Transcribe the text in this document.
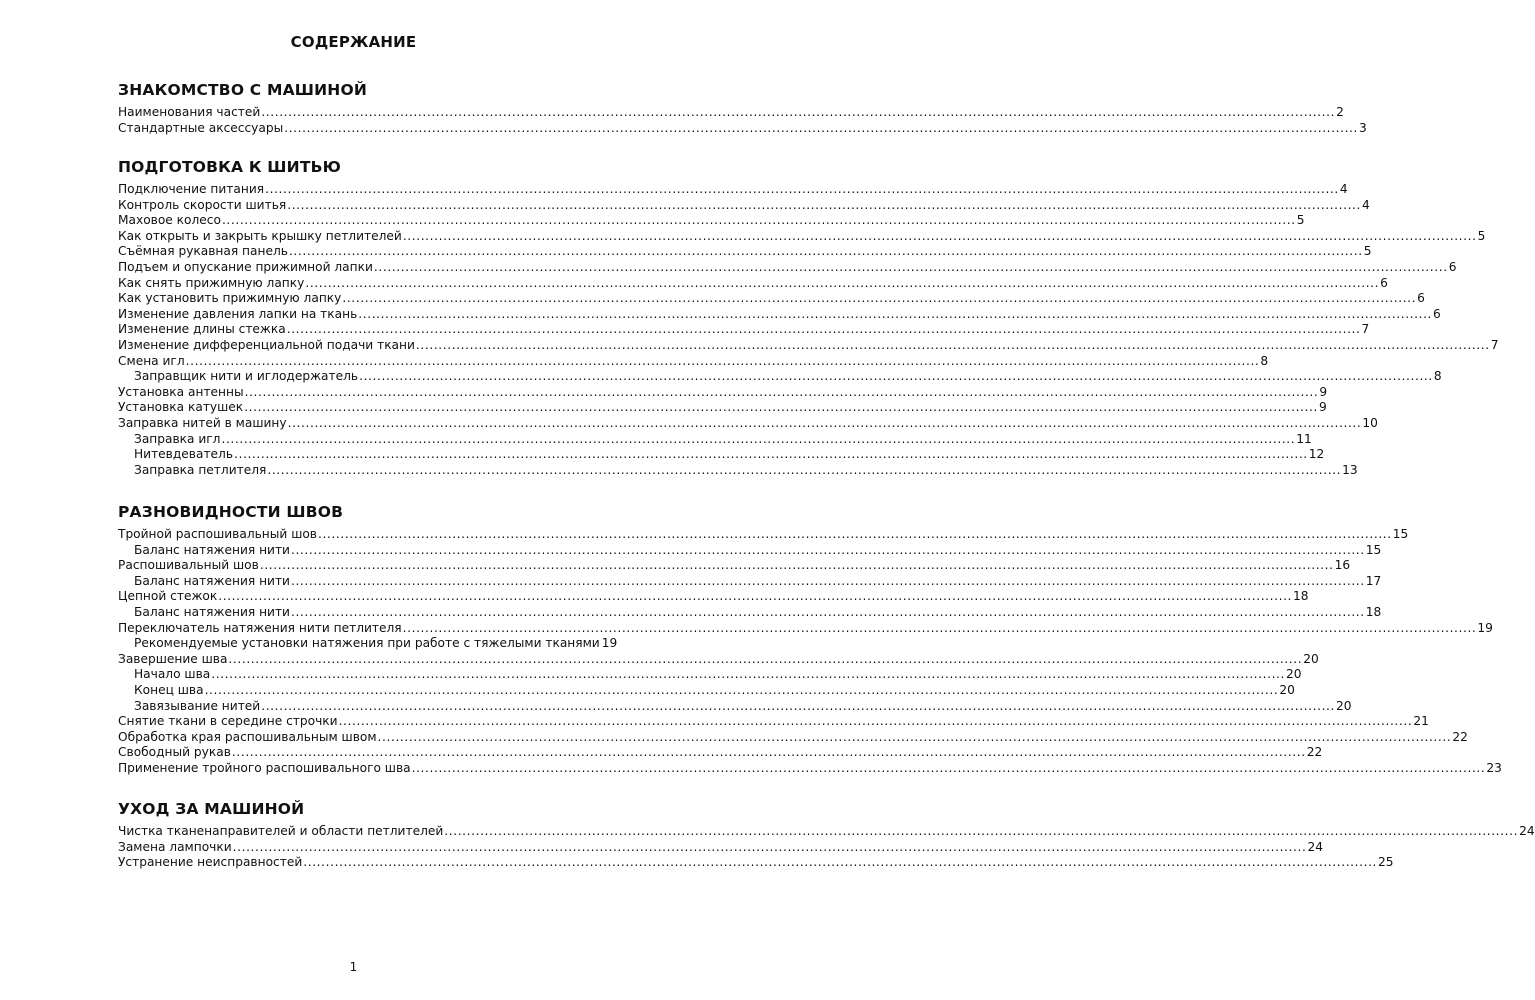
СОДЕРЖАНИЕ
ЗНАКОМСТВО С МАШИНОЙ
Наименования частей .....	2
Стандартные аксессуары .....	3
ПОДГОТОВКА К ШИТЬЮ
Подключение питания .....	4
Контроль скорости шитья .....	4
Маховое колесо .....	5
Как открыть и закрыть крышку петлителей .....	5
Съёмная рукавная панель .....	5
Подъем и опускание прижимной лапки .....	6
Как снять прижимную лапку .....	6
Как установить прижимную лапку .....	6
Изменение давления лапки на ткань .....	6
Изменение длины стежка .....	7
Изменение дифференциальной подачи ткани .....	7
Смена игл .....	8
Заправщик нити и иглодержатель .....	8
Установка антенны .....	9
Установка катушек .....	9
Заправка нитей в машину .....	10
Заправка игл .....	11
Нитевдеватель .....	12
Заправка петлителя .....	13
РАЗНОВИДНОСТИ ШВОВ
Тройной распошивальный шов .....	15
Баланс натяжения нити .....	15
Распошивальный шов .....	16
Баланс натяжения нити .....	17
Цепной стежок .....	18
Баланс натяжения нити .....	18
Переключатель натяжения нити петлителя .....	19
Рекомендуемые установки натяжения при работе с тяжелыми тканями 19
Завершение шва .....	20
Начало шва .....	20
Конец шва .....	20
Завязывание нитей .....	20
Снятие ткани в середине строчки .....	21
Обработка края распошивальным швом .....	22
Свободный рукав .....	22
Применение тройного распошивального шва .....	23
УХОД ЗА МАШИНОЙ
Чистка тканенаправителей и области петлителей .....	24
Замена лампочки .....	24
Устранение неисправностей .....	25
1
